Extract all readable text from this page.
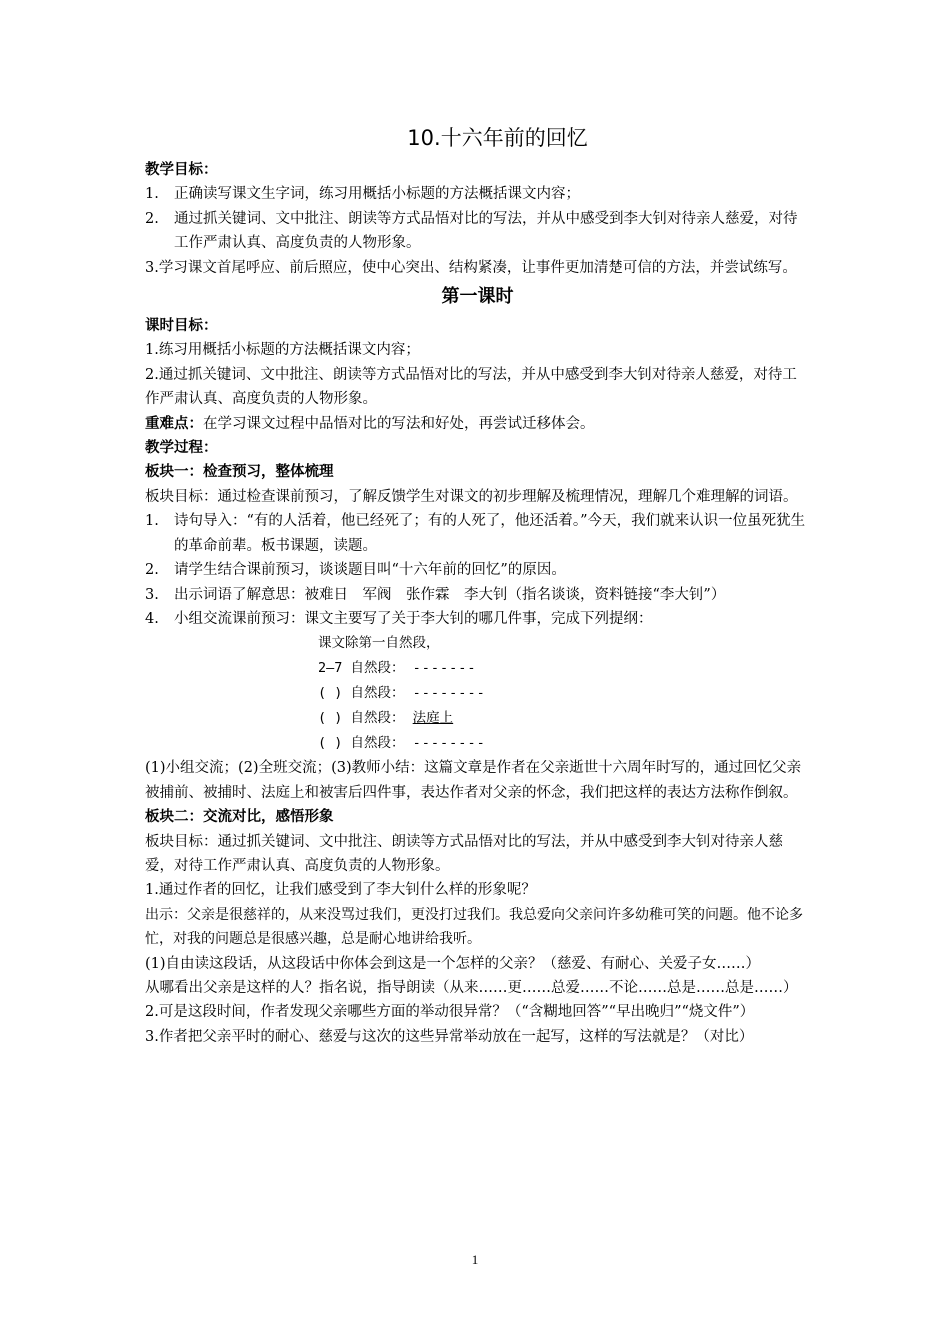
10.十六年前的回忆

教学目标：

1.	正确读写课文生字词，练习用概括小标题的方法概括课文内容；
2.	通过抓关键词、文中批注、朗读等方式品悟对比的写法，并从中感受到李大钊对待亲人慈爱，对待工作严肃认真、高度负责的人物形象。

3.学习课文首尾呼应、前后照应，使中心突出、结构紧凑，让事件更加清楚可信的方法，并尝试练写。

第一课时

课时目标：

1.练习用概括小标题的方法概括课文内容；

2.通过抓关键词、文中批注、朗读等方式品悟对比的写法，并从中感受到李大钊对待亲人慈爱，对待工作严肃认真、高度负责的人物形象。

重难点：在学习课文过程中品悟对比的写法和好处，再尝试迁移体会。

教学过程：

板块一：检查预习，整体梳理

板块目标：通过检查课前预习，了解反馈学生对课文的初步理解及梳理情况，理解几个难理解的词语。

1.	诗句导入：“有的人活着，他已经死了；有的人死了，他还活着。”今天，我们就来认识一位虽死犹生的革命前辈。板书课题，读题。
2.	请学生结合课前预习，谈谈题目叫“十六年前的回忆”的原因。
3.	出示词语了解意思：被难日　军阀　张作霖　李大钊（指名谈谈，资料链接“李大钊”）
4.	小组交流课前预习：课文主要写了关于李大钊的哪几件事，完成下列提纲：
课文除第一自然段，
2—7 自然段： -------
( ) 自然段： --------
( ) 自然段： 法庭上
( ) 自然段： --------

(1)小组交流；(2)全班交流；(3)教师小结：这篇文章是作者在父亲逝世十六周年时写的，通过回忆父亲被捕前、被捕时、法庭上和被害后四件事，表达作者对父亲的怀念，我们把这样的表达方法称作倒叙。

板块二：交流对比，感悟形象

板块目标：通过抓关键词、文中批注、朗读等方式品悟对比的写法，并从中感受到李大钊对待亲人慈爱，对待工作严肃认真、高度负责的人物形象。

1.通过作者的回忆，让我们感受到了李大钊什么样的形象呢？

出示：父亲是很慈祥的，从来没骂过我们，更没打过我们。我总爱向父亲问许多幼稚可笑的问题。他不论多忙，对我的问题总是很感兴趣，总是耐心地讲给我听。

(1)自由读这段话，从这段话中你体会到这是一个怎样的父亲？（慈爱、有耐心、关爱子女……）

从哪看出父亲是这样的人？指名说，指导朗读（从来……更……总爱……不论……总是……总是……）

2.可是这段时间，作者发现父亲哪些方面的举动很异常？（“含糊地回答”“早出晚归”“烧文件”）

3.作者把父亲平时的耐心、慈爱与这次的这些异常举动放在一起写，这样的写法就是？（对比）

1
